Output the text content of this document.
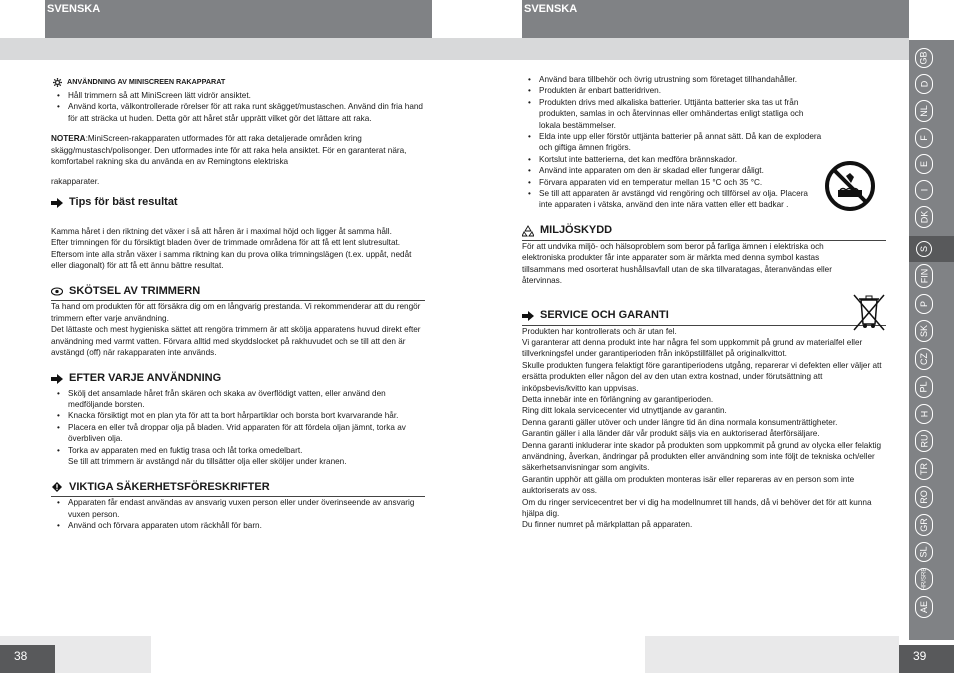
SVENSKA
ANVÄNDNING AV MINISCREEN RAKAPPARAT
• Håll trimmern så att MiniScreen lätt vidrör ansiktet.
• Använd korta, välkontrollerade rörelser för att raka runt skägget/mustaschen. Använd din fria hand för att sträcka ut huden. Detta gör att håret står upprätt vilket gör det lättare att raka.

NOTERA:MiniScreen-rakapparaten utformades för att raka detaljerade områden kring skägg/mustasch/polisonger. Den utformades inte för att raka hela ansiktet. För en garanterat nära, komfortabel rakning ska du använda en av Remingtons elektriska

rakapparater.

Tips för bäst resultat

Kamma håret i den riktning det växer i så att håren är i maximal höjd och ligger åt samma håll.

Efter trimningen för du försiktigt bladen över de trimmade områdena för att få ett lent slutresultat.

Eftersom inte alla strån växer i samma riktning kan du prova olika trimningslägen (t.ex. uppåt, nedåt eller diagonalt) för att få ett ännu bättre resultat.

SKÖTSEL AV TRIMMERN

Ta hand om produkten för att försäkra dig om en långvarig prestanda. Vi rekommenderar att du rengör trimmern efter varje användning.

Det lättaste och mest hygieniska sättet att rengöra trimmern är att skölja apparatens huvud direkt efter användning med varmt vatten. Förvara alltid med skyddslocket på rakhuvudet och se till att den är avstängd (off) när rakapparaten inte används.

EFTER VARJE ANVÄNDNING
• Skölj det ansamlade håret från skären och skaka av överflödigt vatten, eller använd den medföljande borsten.
• Knacka försiktigt mot en plan yta för att ta bort hårpartiklar och borsta bort kvarvarande hår.
• Placera en eller två droppar olja på bladen. Vrid apparaten för att fördela oljan jämnt, torka av överbliven olja.
• Torka av apparaten med en fuktig trasa och låt torka omedelbart.

Se till att trimmern är avstängd när du tillsätter olja eller sköljer under kranen.

VIKTIGA SÄKERHETSFÖRESKRIFTER
• Apparaten får endast användas av ansvarig vuxen person eller under överinseende av ansvarig vuxen person.
• Använd och förvara apparaten utom räckhåll för barn.
38
SVENSKA
• Använd bara tillbehör och övrig utrustning som företaget tillhandahåller.
• Produkten är enbart batteridriven.
• Produkten drivs med alkaliska batterier. Uttjänta batterier ska tas ut från produkten, samlas in och återvinnas eller omhändertas enligt statliga och lokala bestämmelser.
• Elda inte upp eller förstör uttjänta batterier på annat sätt. Då kan de explodera och giftiga ämnen frigörs.
• Kortslut inte batterierna, det kan medföra brännskador.
• Använd inte apparaten om den är skadad eller fungerar dåligt.
• Förvara apparaten vid en temperatur mellan 15 °C och 35 °C.
• Se till att apparaten är avstängd vid rengöring och tillförsel av olja. Placera inte apparaten i vätska, använd den inte nära vatten eller ett badkar .
MILJÖSKYDD

För att undvika miljö- och hälsoproblem som beror på farliga ämnen i elektriska och elektroniska produkter får inte apparater som är märkta med denna symbol kastas tillsammans med osorterat hushållsavfall utan de ska tillvaratagas, återanvändas eller återvinnas.

SERVICE OCH GARANTI

Produkten har kontrollerats och är utan fel.

Vi garanterar att denna produkt inte har några fel som uppkommit på grund av materialfel eller tillverkningsfel under garantiperioden från inköpstillfället på originalkvittot.

Skulle produkten fungera felaktigt före garantiperiodens utgång, reparerar vi defekten eller väljer att ersätta produkten eller någon del av den utan extra kostnad, under förutsättning att inköpsbevis/kvitto kan uppvisas.

Detta innebär inte en förlängning av garantiperioden.

Ring ditt lokala servicecenter vid utnyttjande av garantin.

Denna garanti gäller utöver och under längre tid än dina normala konsumenträttigheter.

Garantin gäller i alla länder där vår produkt säljs via en auktoriserad återförsäljare.

Denna garanti inkluderar inte skador på produkten som uppkommit på grund av olycka eller felaktig användning, åverkan, ändringar på produkten eller användning som inte följt de tekniska och/eller säkerhetsanvisningar som angivits.

Garantin upphör att gälla om produkten monteras isär eller repareras av en person som inte auktoriserats av oss.

Om du ringer servicecentret ber vi dig ha modellnumret till hands, då vi behöver det för att kunna hjälpa dig.

Du finner numret på märkplattan på apparaten.

39
GB
D
NL
F
E
I
DK
FIN
P
SK
CZ
PL
H
RU
TR
RO
GR
SL
HR/SRB
AE
S
